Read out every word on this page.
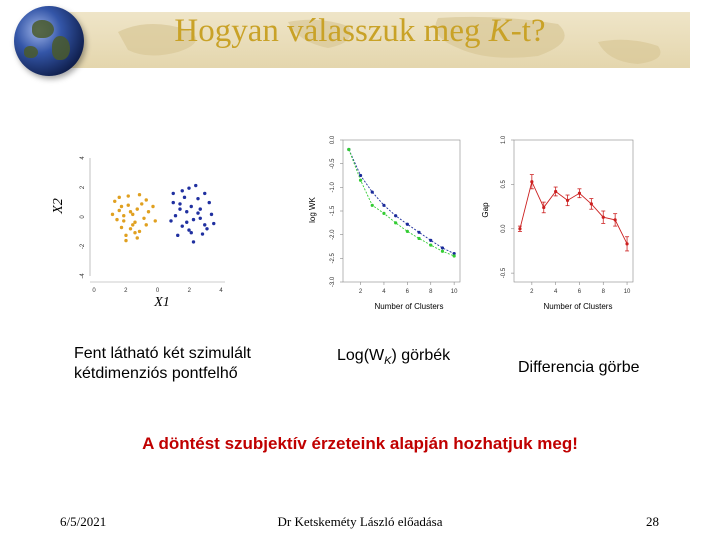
Hogyan válasszuk meg K-t?
4
2
0
-2
-4
0	2	0	2	4
X1
X2
0.0
-0.5
-1.0
-1.5
-2.0
-2.5
-3.0
2	4	6	8	10
Number of Clusters
log WK
1.0
0.5
0.0
-0.5
2	4	6	8	10
Number of Clusters
Gap
Fent látható két szimulált
kétdimenziós pontfelhő
$Log(W_K)$ görbék
Differencia görbe
A döntést szubjektív érzeteink alapján hozhatjuk meg!
6/5/2021	Dr Ketskeméty László előadása	28
